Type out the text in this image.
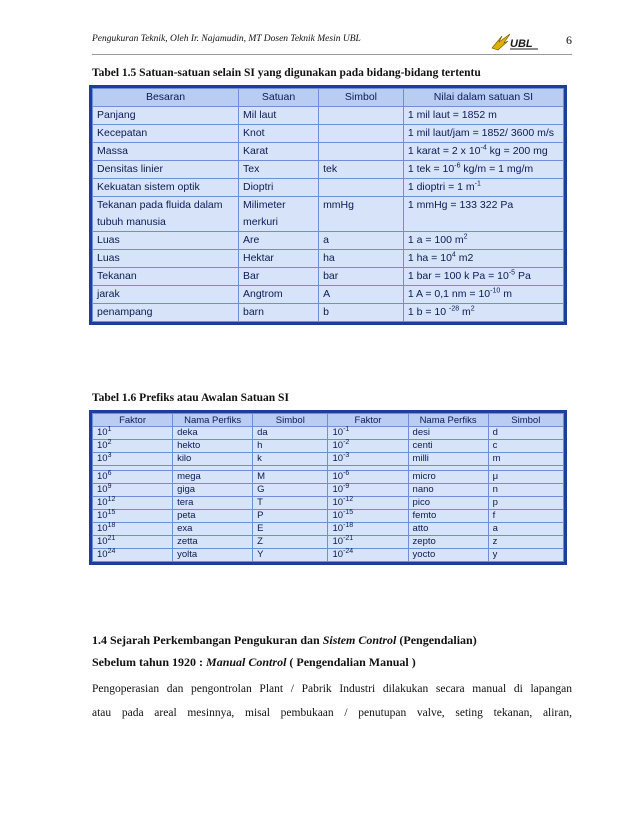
Pengukuran Teknik, Oleh Ir. Najamudin, MT Dosen Teknik Mesin UBL	UBL	6
Tabel 1.5 Satuan-satuan selain SI yang digunakan pada bidang-bidang tertentu
Besaran	Satuan	Simbol	Nilai dalam satuan SI
Panjang	Mil laut		1 mil laut = 1852 m
Kecepatan	Knot		1 mil laut/jam = 1852/ 3600 m/s
Massa	Karat		1 karat = 2 x $10^{-4}$ kg = 200 mg
Densitas linier	Tex	tek	1 tek = $10^{-6}$ kg/m = 1 mg/m
Kekuatan sistem optik	Dioptri		1 dioptri = 1 $m^{-1}$
Tekanan pada fluida dalam tubuh manusia	Milimeter merkuri	mmHg	1 mmHg = 133 322 Pa
Luas	Are	a	1 a = 100 $m^2$
Luas	Hektar	ha	1 ha = $10^4$ m2
Tekanan	Bar	bar	1 bar = 100 k $Pa = 10^{-5}$ Pa
jarak	Angtrom	A	1 A = 0,1 nm = $10^{-10}$ m
penampang	barn	b	1 b = 10 $^{-28}$ $m^2$
Tabel 1.6 Prefiks atau Awalan Satuan SI
Faktor	Nama Perfiks	Simbol	Faktor	Nama Perfiks	Simbol
$10^1$	deka	da	$10^{-1}$	desi	d
$10^2$	hekto	h	$10^{-2}$	centi	c
$10^3$	kilo	k	$10^{-3}$	milli	m

$10^6$	mega	M	$10^{-6}$	micro	μ
$10^9$	giga	G	$10^{-9}$	nano	n
$10^{12}$	tera	T	$10^{-12}$	pico	p
$10^{15}$	peta	P	$10^{-15}$	femto	f
$10^{18}$	exa	E	$10^{-18}$	atto	a
$10^{21}$	zetta	Z	$10^{-21}$	zepto	z
$10^{24}$	yolta	Y	$10^{-24}$	yocto	y
1.4 Sejarah Perkembangan Pengukuran dan Sistem Control (Pengendalian)
Sebelum tahun 1920 : Manual Control ( Pengendalian Manual )
Pengoperasian dan pengontrolan Plant / Pabrik Industri dilakukan secara manual di lapangan
atau pada areal mesinnya, misal pembukaan / penutupan valve, seting tekanan, aliran,
